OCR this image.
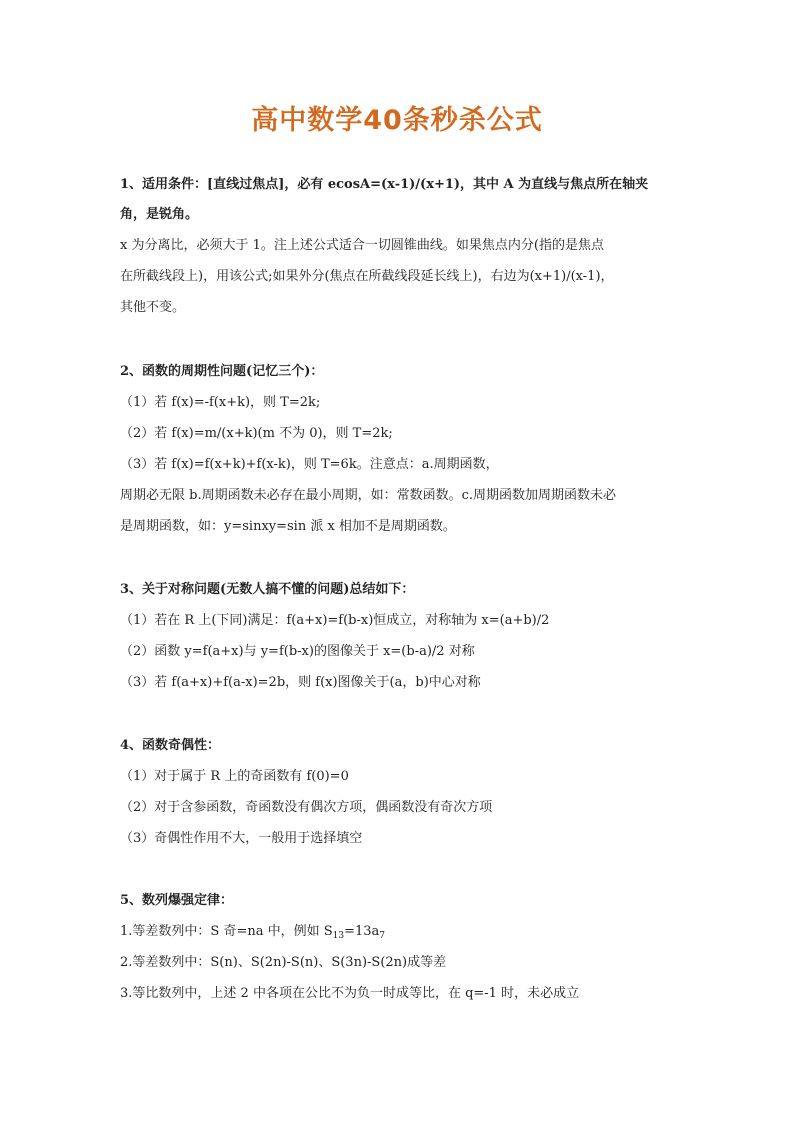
高中数学40条秒杀公式

1、适用条件：[直线过焦点]，必有 ecosA=(x-1)/(x+1)，其中 A 为直线与焦点所在轴夹

角，是锐角。

x 为分离比，必须大于 1。注上述公式适合一切圆锥曲线。如果焦点内分(指的是焦点

在所截线段上)，用该公式;如果外分(焦点在所截线段延长线上)，右边为(x+1)/(x-1)，

其他不变。

2、函数的周期性问题(记忆三个)：

（1）若 f(x)=-f(x+k)，则 T=2k;

（2）若 f(x)=m/(x+k)(m 不为 0)，则 T=2k;

（3）若 f(x)=f(x+k)+f(x-k)，则 T=6k。注意点：a.周期函数，

周期必无限 b.周期函数未必存在最小周期，如：常数函数。c.周期函数加周期函数未必

是周期函数，如：y=sinxy=sin 派 x 相加不是周期函数。

3、关于对称问题(无数人搞不懂的问题)总结如下：

（1）若在 R 上(下同)满足：f(a+x)=f(b-x)恒成立，对称轴为 x=(a+b)/2

（2）函数 y=f(a+x)与 y=f(b-x)的图像关于 x=(b-a)/2 对称

（3）若 f(a+x)+f(a-x)=2b，则 f(x)图像关于(a，b)中心对称

4、函数奇偶性：

（1）对于属于 R 上的奇函数有 f(0)=0

（2）对于含参函数，奇函数没有偶次方项，偶函数没有奇次方项

（3）奇偶性作用不大，一般用于选择填空

5、数列爆强定律：

1.等差数列中：S 奇=na 中，例如 $S_{13}=13a_7$

2.等差数列中：S(n)、S(2n)-S(n)、S(3n)-S(2n)成等差

3.等比数列中，上述 2 中各项在公比不为负一时成等比，在 q=-1 时，未必成立
